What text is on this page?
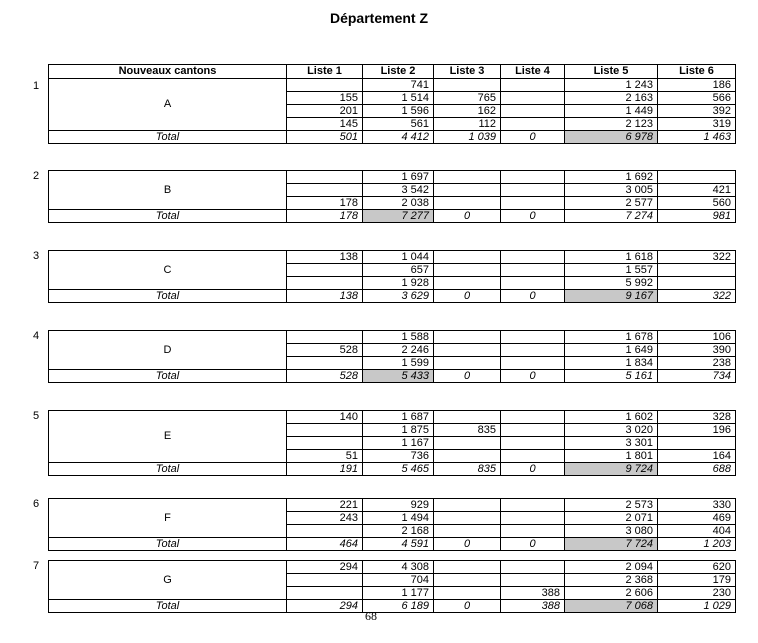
Département Z
Nouveaux cantons	Liste 1	Liste 2	Liste 3	Liste 4	Liste 5	Liste 6
A		741			1 243	186
	155	1 514	765		2 163	566
	201	1 596	162		1 449	392
	145	561	112		2 123	319
Total	501	4 412	1 039	0	6 978	1 463
1
B		1 697			1 692	
		3 542			3 005	421
	178	2 038			2 577	560
Total	178	7 277	0	0	7 274	981
2
C	138	1 044			1 618	322
		657			1 557	
		1 928			5 992	
Total	138	3 629	0	0	9 167	322
3
D		1 588			1 678	106
	528	2 246			1 649	390
		1 599			1 834	238
Total	528	5 433	0	0	5 161	734
4
E	140	1 687			1 602	328
		1 875	835		3 020	196
		1 167			3 301	
	51	736			1 801	164
Total	191	5 465	835	0	9 724	688
5
F	221	929			2 573	330
	243	1 494			2 071	469
		2 168			3 080	404
Total	464	4 591	0	0	7 724	1 203
6
G	294	4 308			2 094	620
		704			2 368	179
		1 177		388	2 606	230
Total	294	6 189	0	388	7 068	1 029
7
68
